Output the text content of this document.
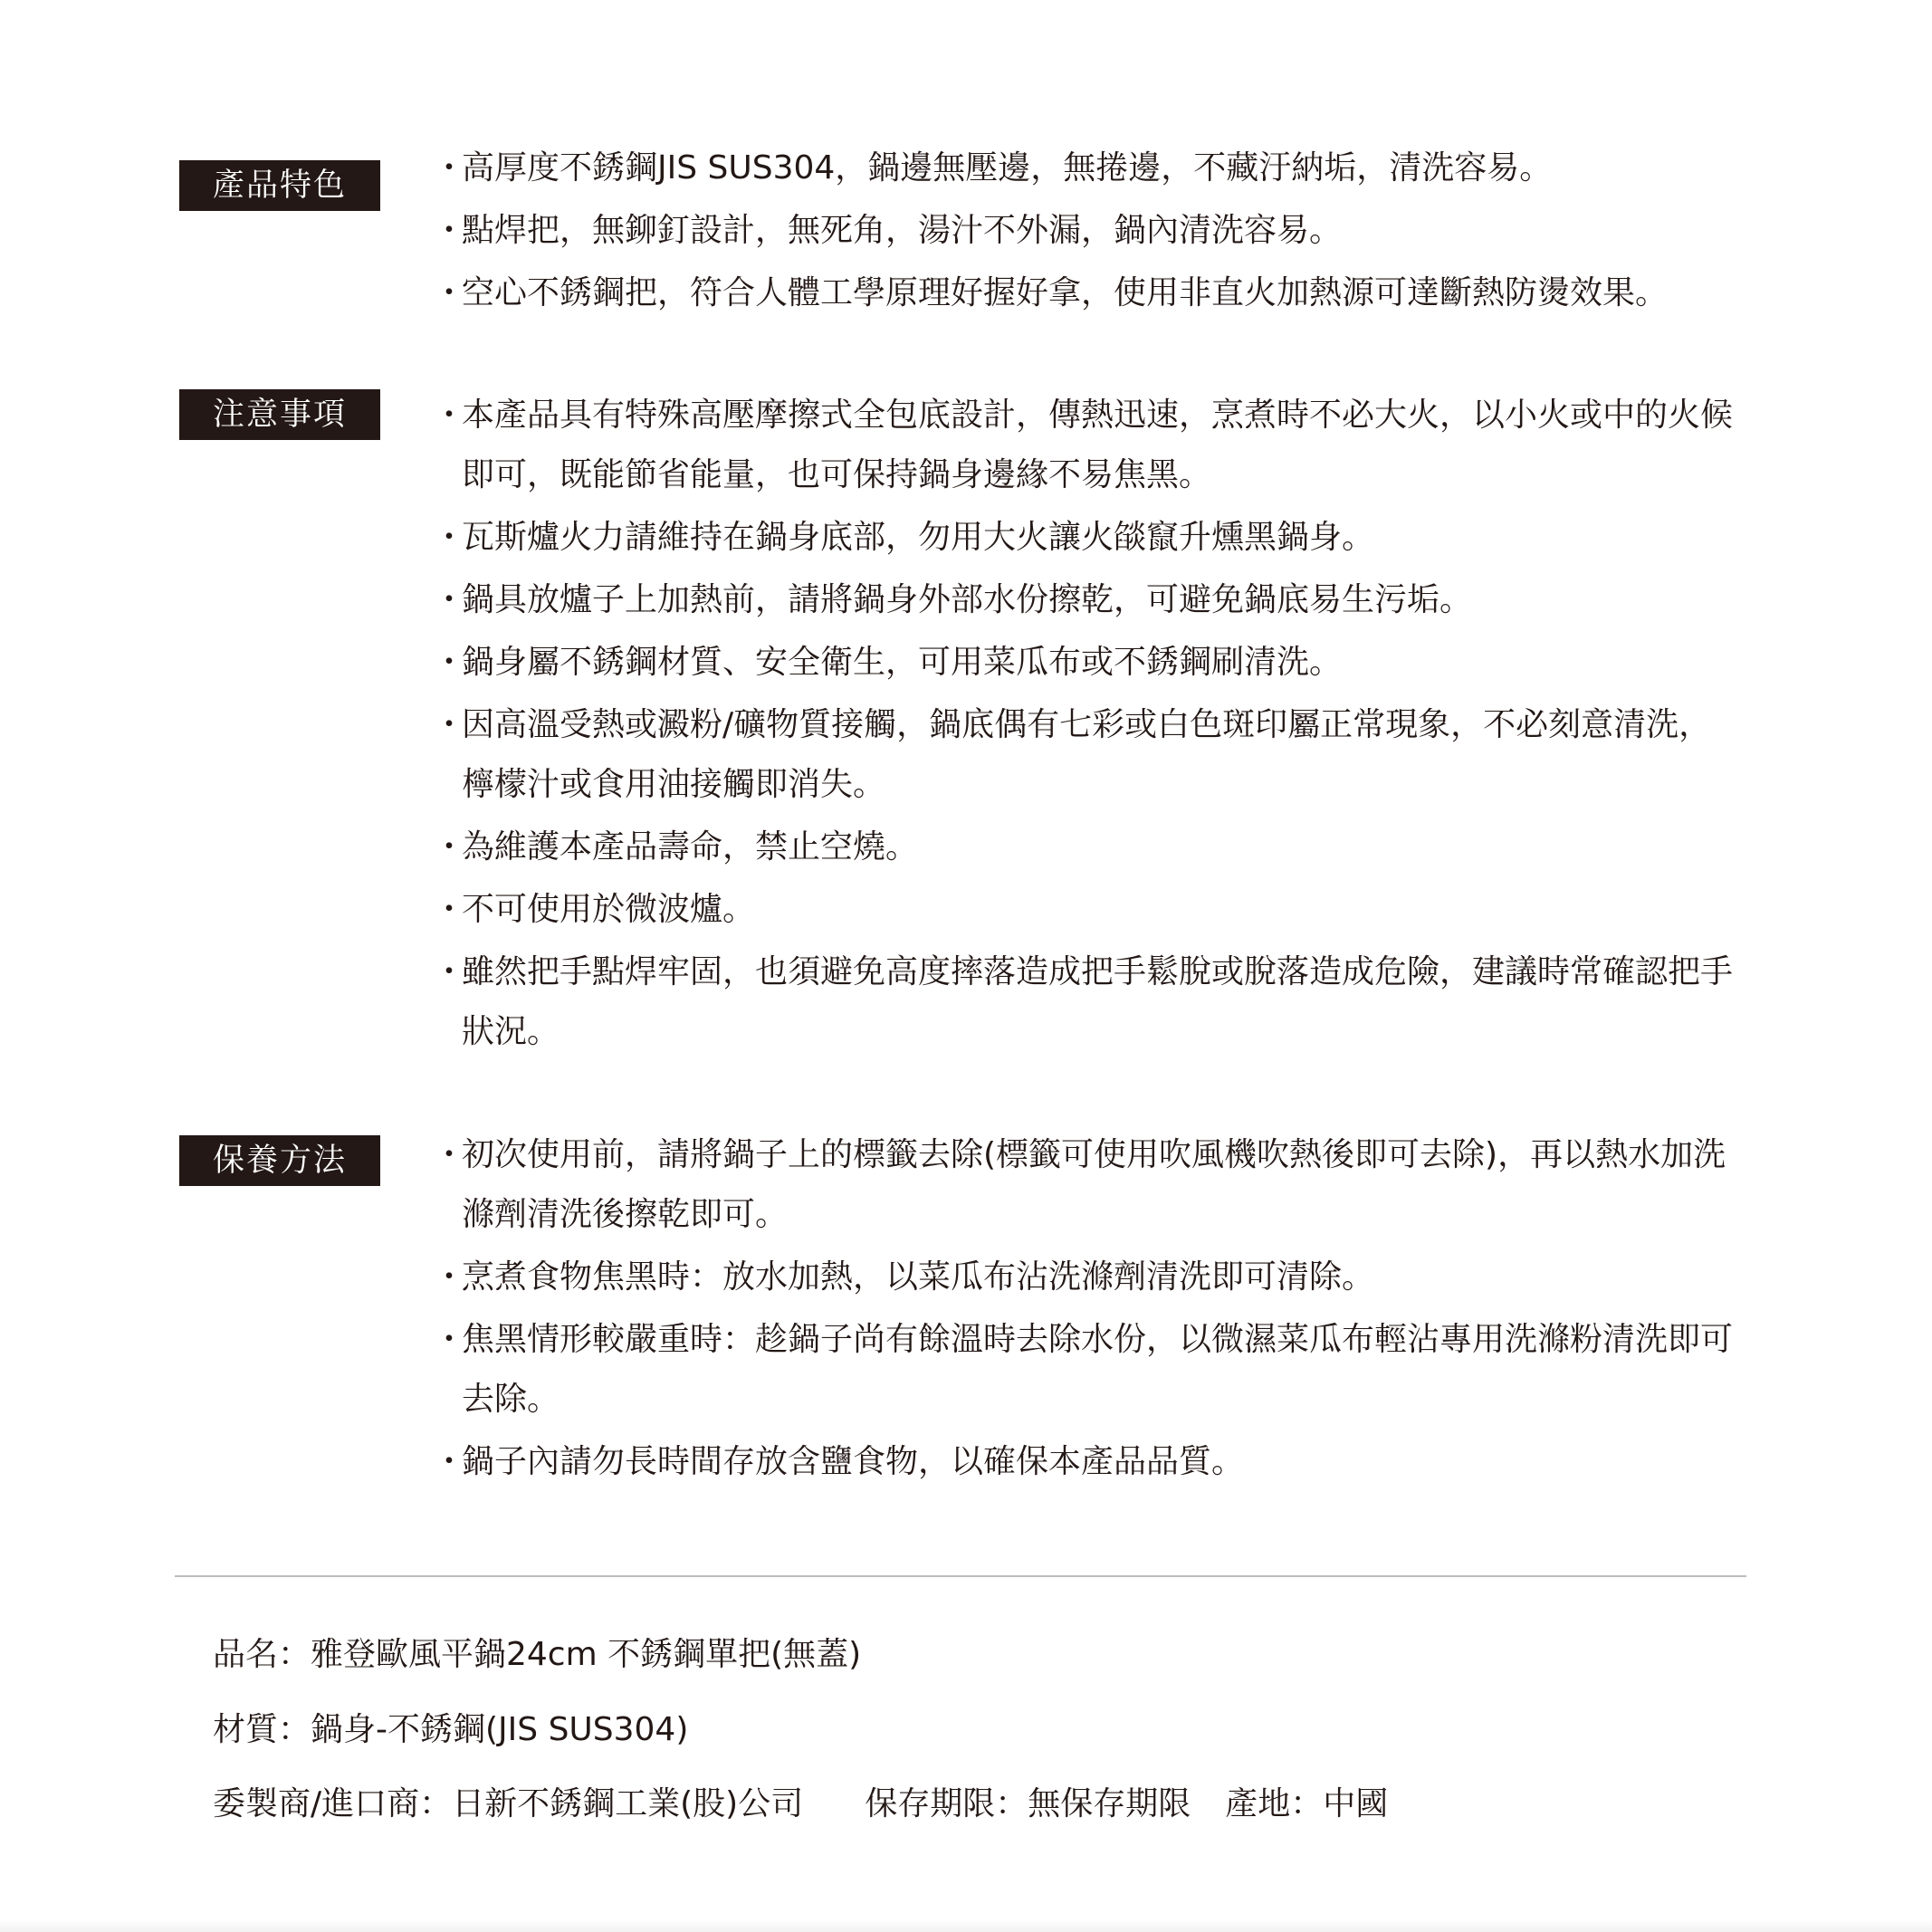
產品特色	・
高厚度不銹鋼JIS SUS304，鍋邊無壓邊，無捲邊，不藏汙納垢，清洗容易。
・
點焊把，無鉚釘設計，無死角，湯汁不外漏，鍋內清洗容易。
・
空心不銹鋼把，符合人體工學原理好握好拿，使用非直火加熱源可達斷熱防燙效果。
注意事項	・
本產品具有特殊高壓摩擦式全包底設計，傳熱迅速，烹煮時不必大火，以小火或中的火候即可，既能節省能量，也可保持鍋身邊緣不易焦黑。
・
瓦斯爐火力請維持在鍋身底部，勿用大火讓火燄竄升燻黑鍋身。
・
鍋具放爐子上加熱前，請將鍋身外部水份擦乾，可避免鍋底易生污垢。
・
鍋身屬不銹鋼材質、安全衛生，可用菜瓜布或不銹鋼刷清洗。
・
因高溫受熱或澱粉/礦物質接觸，鍋底偶有七彩或白色斑印屬正常現象，不必刻意清洗，檸檬汁或食用油接觸即消失。
・
為維護本產品壽命，禁止空燒。
・
不可使用於微波爐。
・
雖然把手點焊牢固，也須避免高度摔落造成把手鬆脫或脫落造成危險，建議時常確認把手狀況。
保養方法	・
初次使用前，請將鍋子上的標籤去除(標籤可使用吹風機吹熱後即可去除)，再以熱水加洗滌劑清洗後擦乾即可。
・
烹煮食物焦黑時：放水加熱，以菜瓜布沾洗滌劑清洗即可清除。
・
焦黑情形較嚴重時：趁鍋子尚有餘溫時去除水份，以微濕菜瓜布輕沾專用洗滌粉清洗即可去除。
・
鍋子內請勿長時間存放含鹽食物，以確保本產品品質。
品名：雅登歐風平鍋24cm 不銹鋼單把(無蓋)
材質：鍋身-不銹鋼(JIS SUS304)
委製商/進口商：日新不銹鋼工業(股)公司 保存期限：無保存期限 產地：中國
